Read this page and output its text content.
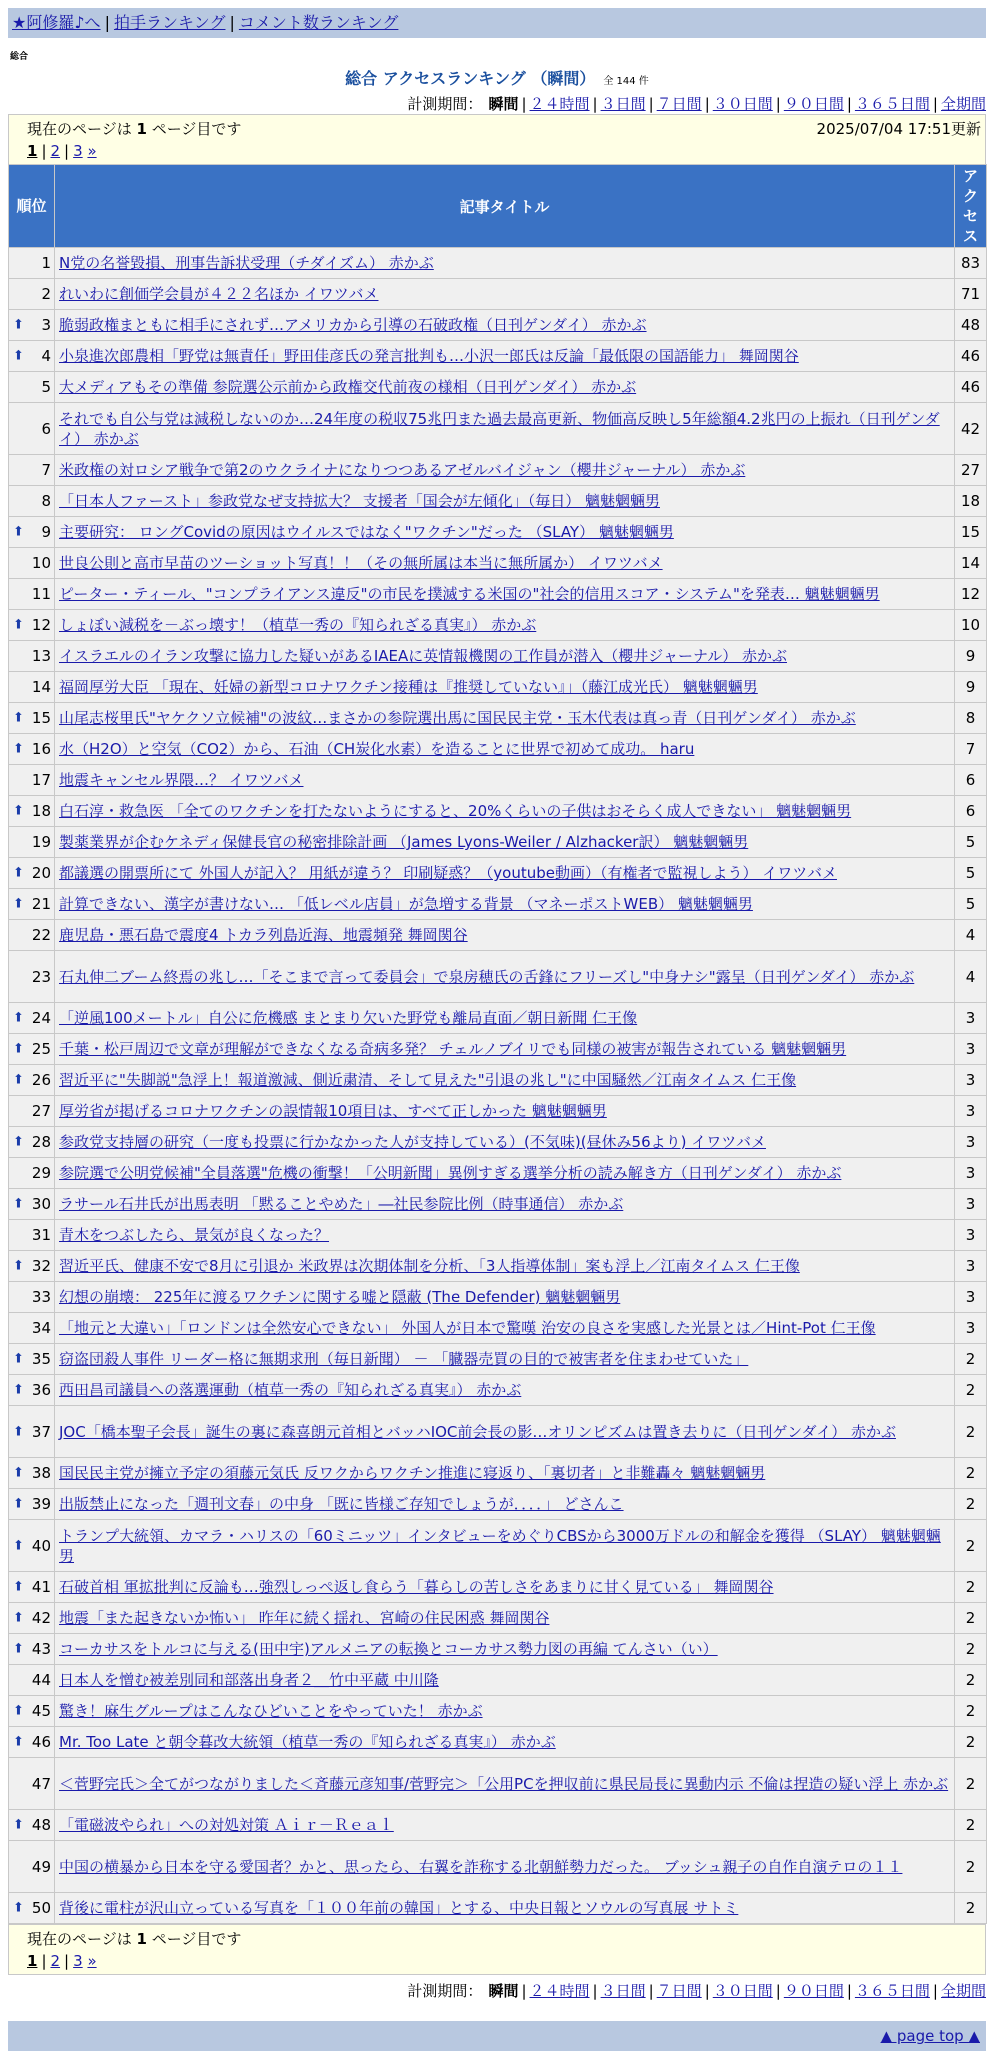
★阿修羅♪へ | 拍手ランキング | コメント数ランキング
総合
総合 アクセスランキング （瞬間） 全 144 件
計測期間： 瞬間 | ２４時間 | ３日間 | ７日間 | ３０日間 | ９０日間 | ３６５日間 | 全期間
現在のページは 1 ページ目です	2025/07/04 17:51更新
1 | 2 | 3 »
順位	記事タイトル	アクセス
1	N党の名誉毀損、刑事告訴状受理（チダイズム） 赤かぶ	83
2	れいわに創価学会員が４２２名ほか イワツバメ	71

⬆ 3	脆弱政権まともに相手にされず…アメリカから引導の石破政権（日刊ゲンダイ） 赤かぶ	48

⬆ 4	小泉進次郎農相「野党は無責任」野田佳彦氏の発言批判も…小沢一郎氏は反論「最低限の国語能力」 舞岡関谷	46
5	大メディアもその準備 参院選公示前から政権交代前夜の様相（日刊ゲンダイ） 赤かぶ	46
6	それでも自公与党は減税しないのか…24年度の税収75兆円また過去最高更新、物価高反映し5年総額4.2兆円の上振れ（日刊ゲンダイ） 赤かぶ	42
7	米政権の対ロシア戦争で第2のウクライナになりつつあるアゼルバイジャン（櫻井ジャーナル） 赤かぶ	27
8	「日本人ファースト」参政党なぜ支持拡大？ 支援者「国会が左傾化」（毎日） 魑魅魍魎男	18

⬆ 9	主要研究： ロングCovidの原因はウイルスではなく"ワクチン"だった （SLAY） 魑魅魍魎男	15
10	世良公則と高市早苗のツーショット写真！！（その無所属は本当に無所属か） イワツバメ	14
11	ピーター・ティール、"コンプライアンス違反"の市民を撲滅する米国の"社会的信用スコア・システム"を発表… 魑魅魍魎男	12

⬆ 12	しょぼい減税を－ぶっ壊す！（植草一秀の『知られざる真実』） 赤かぶ	10
13	イスラエルのイラン攻撃に協力した疑いがあるIAEAに英情報機関の工作員が潜入（櫻井ジャーナル） 赤かぶ	9
14	福岡厚労大臣 「現在、妊婦の新型コロナワクチン接種は『推奨していない』」（藤江成光氏） 魑魅魍魎男	9

⬆ 15	山尾志桜里氏"ヤケクソ立候補"の波紋…まさかの参院選出馬に国民民主党・玉木代表は真っ青（日刊ゲンダイ） 赤かぶ	8

⬆ 16	水（H2O）と空気（CO2）から、石油（CH炭化水素）を造ることに世界で初めて成功。 haru	7
17	地震キャンセル界隈…？ イワツバメ	6

⬆ 18	白石淳・救急医 「全てのワクチンを打たないようにすると、20%くらいの子供はおそらく成人できない」 魑魅魍魎男	6
19	製薬業界が企むケネディ保健長官の秘密排除計画 （James Lyons-Weiler / Alzhacker訳） 魑魅魍魎男	5

⬆ 20	都議選の開票所にて 外国人が記入？ 用紙が違う？ 印刷疑惑？（youtube動画）（有権者で監視しよう） イワツバメ	5

⬆ 21	計算できない、漢字が書けない… 「低レベル店員」が急増する背景 （マネーポストWEB） 魑魅魍魎男	5
22	鹿児島・悪石島で震度4 トカラ列島近海、地震頻発 舞岡関谷	4
23	石丸伸二ブーム終焉の兆し…「そこまで言って委員会」で泉房穂氏の舌鋒にフリーズし"中身ナシ"露呈（日刊ゲンダイ） 赤かぶ	4

⬆ 24	「逆風100メートル」自公に危機感 まとまり欠いた野党も離局直面／朝日新聞 仁王像	3

⬆ 25	千葉・松戸周辺で文章が理解ができなくなる奇病多発？ チェルノブイリでも同様の被害が報告されている 魑魅魍魎男	3

⬆ 26	習近平に"失脚説"急浮上！報道激減、側近粛清、そして見えた"引退の兆し"に中国騒然／江南タイムス 仁王像	3
27	厚労省が掲げるコロナワクチンの誤情報10項目は、すべて正しかった 魑魅魍魎男	3

⬆ 28	参政党支持層の研究（一度も投票に行かなかった人が支持している）(不気味)(昼休み56より) イワツバメ	3
29	参院選で公明党候補"全員落選"危機の衝撃！「公明新聞」異例すぎる選挙分析の読み解き方（日刊ゲンダイ） 赤かぶ	3

⬆ 30	ラサール石井氏が出馬表明 「黙ることやめた」―社民参院比例（時事通信） 赤かぶ	3
31	青木をつぶしたら、景気が良くなった？	3

⬆ 32	習近平氏、健康不安で8月に引退か 米政界は次期体制を分析、「3人指導体制」案も浮上／江南タイムス 仁王像	3
33	幻想の崩壊： 225年に渡るワクチンに関する嘘と隠蔽 (The Defender) 魑魅魍魎男	3
34	「地元と大違い」「ロンドンは全然安心できない」 外国人が日本で驚嘆 治安の良さを実感した光景とは／Hint-Pot 仁王像	3

⬆ 35	窃盗団殺人事件 リーダー格に無期求刑（毎日新聞） － 「臓器売買の目的で被害者を住まわせていた」	2

⬆ 36	西田昌司議員への落選運動（植草一秀の『知られざる真実』） 赤かぶ	2

⬆ 37	JOC「橋本聖子会長」誕生の裏に森喜朗元首相とバッハIOC前会長の影…オリンピズムは置き去りに（日刊ゲンダイ） 赤かぶ	2

⬆ 38	国民民主党が擁立予定の須藤元気氏 反ワクからワクチン推進に寝返り、「裏切者」と非難轟々 魑魅魍魎男	2

⬆ 39	出版禁止になった「週刊文春」の中身 「既に皆様ご存知でしょうが．．．．」 どさんこ	2

⬆ 40	トランプ大統領、カマラ・ハリスの「60ミニッツ」インタビューをめぐりCBSから3000万ドルの和解金を獲得 （SLAY） 魑魅魍魎男	2

⬆ 41	石破首相 軍拡批判に反論も…強烈しっぺ返し食らう「暮らしの苦しさをあまりに甘く見ている」 舞岡関谷	2

⬆ 42	地震「また起きないか怖い」 昨年に続く揺れ、宮崎の住民困惑 舞岡関谷	2

⬆ 43	コーカサスをトルコに与える(田中宇)アルメニアの転換とコーカサス勢力図の再編 てんさい（い）	2
44	日本人を憎む被差別同和部落出身者２＿竹中平蔵 中川隆	2

⬆ 45	驚き！麻生グループはこんなひどいことをやっていた！ 赤かぶ	2

⬆ 46	Mr. Too Late と朝令暮改大統領（植草一秀の『知られざる真実』） 赤かぶ	2
47	＜菅野完氏＞全てがつながりました＜斉藤元彦知事/菅野完＞「公用PCを押収前に県民局長に異動内示 不倫は捏造の疑い浮上 赤かぶ	2

⬆ 48	「電磁波やられ」への対処対策 Ａｉｒ－Ｒｅａｌ	2
49	中国の横暴から日本を守る愛国者？かと、思ったら、右翼を詐称する北朝鮮勢力だった。 ブッシュ親子の自作自演テロの１１	2

⬆ 50	背後に電柱が沢山立っている写真を「１００年前の韓国」とする、中央日報とソウルの写真展 サトミ	2
現在のページは 1 ページ目です
1 | 2 | 3 »
計測期間： 瞬間 | ２４時間 | ３日間 | ７日間 | ３０日間 | ９０日間 | ３６５日間 | 全期間
▲ page top ▲
